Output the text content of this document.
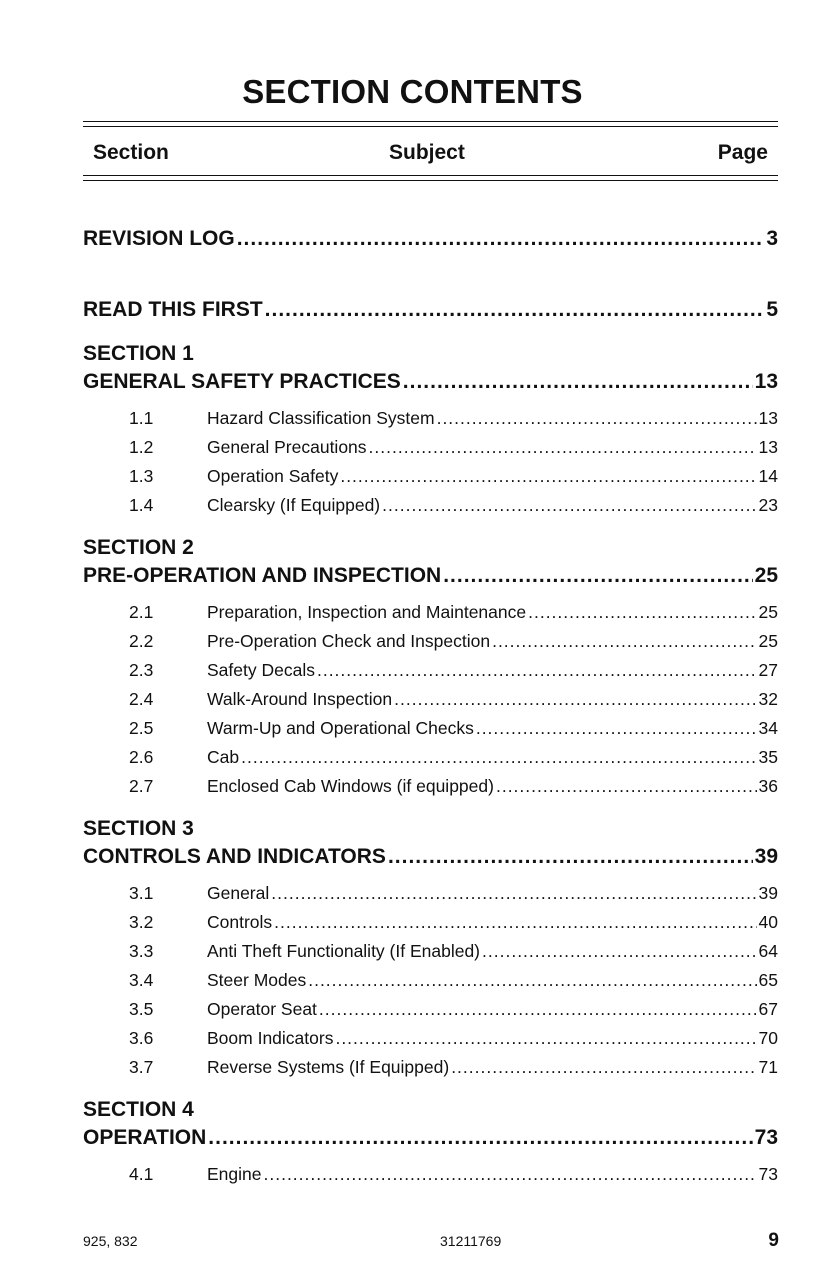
SECTION CONTENTS
Section	Subject	Page
REVISION LOG .....	3
READ THIS FIRST .....	5
SECTION 1
GENERAL SAFETY PRACTICES .....	13
1.1	Hazard Classification System .....	13
1.2	General Precautions .....	13
1.3	Operation Safety .....	14
1.4	Clearsky (If Equipped) .....	23
SECTION 2
PRE-OPERATION AND INSPECTION .....	25
2.1	Preparation, Inspection and Maintenance .....	25
2.2	Pre-Operation Check and Inspection .....	25
2.3	Safety Decals .....	27
2.4	Walk-Around Inspection .....	32
2.5	Warm-Up and Operational Checks .....	34
2.6	Cab .....	35
2.7	Enclosed Cab Windows (if equipped) .....	36
SECTION 3
CONTROLS AND INDICATORS .....	39
3.1	General .....	39
3.2	Controls .....	40
3.3	Anti Theft Functionality (If Enabled) .....	64
3.4	Steer Modes .....	65
3.5	Operator Seat .....	67
3.6	Boom Indicators .....	70
3.7	Reverse Systems (If Equipped) .....	71
SECTION 4
OPERATION .....	73
4.1	Engine .....	73
925, 832	31211769	9
